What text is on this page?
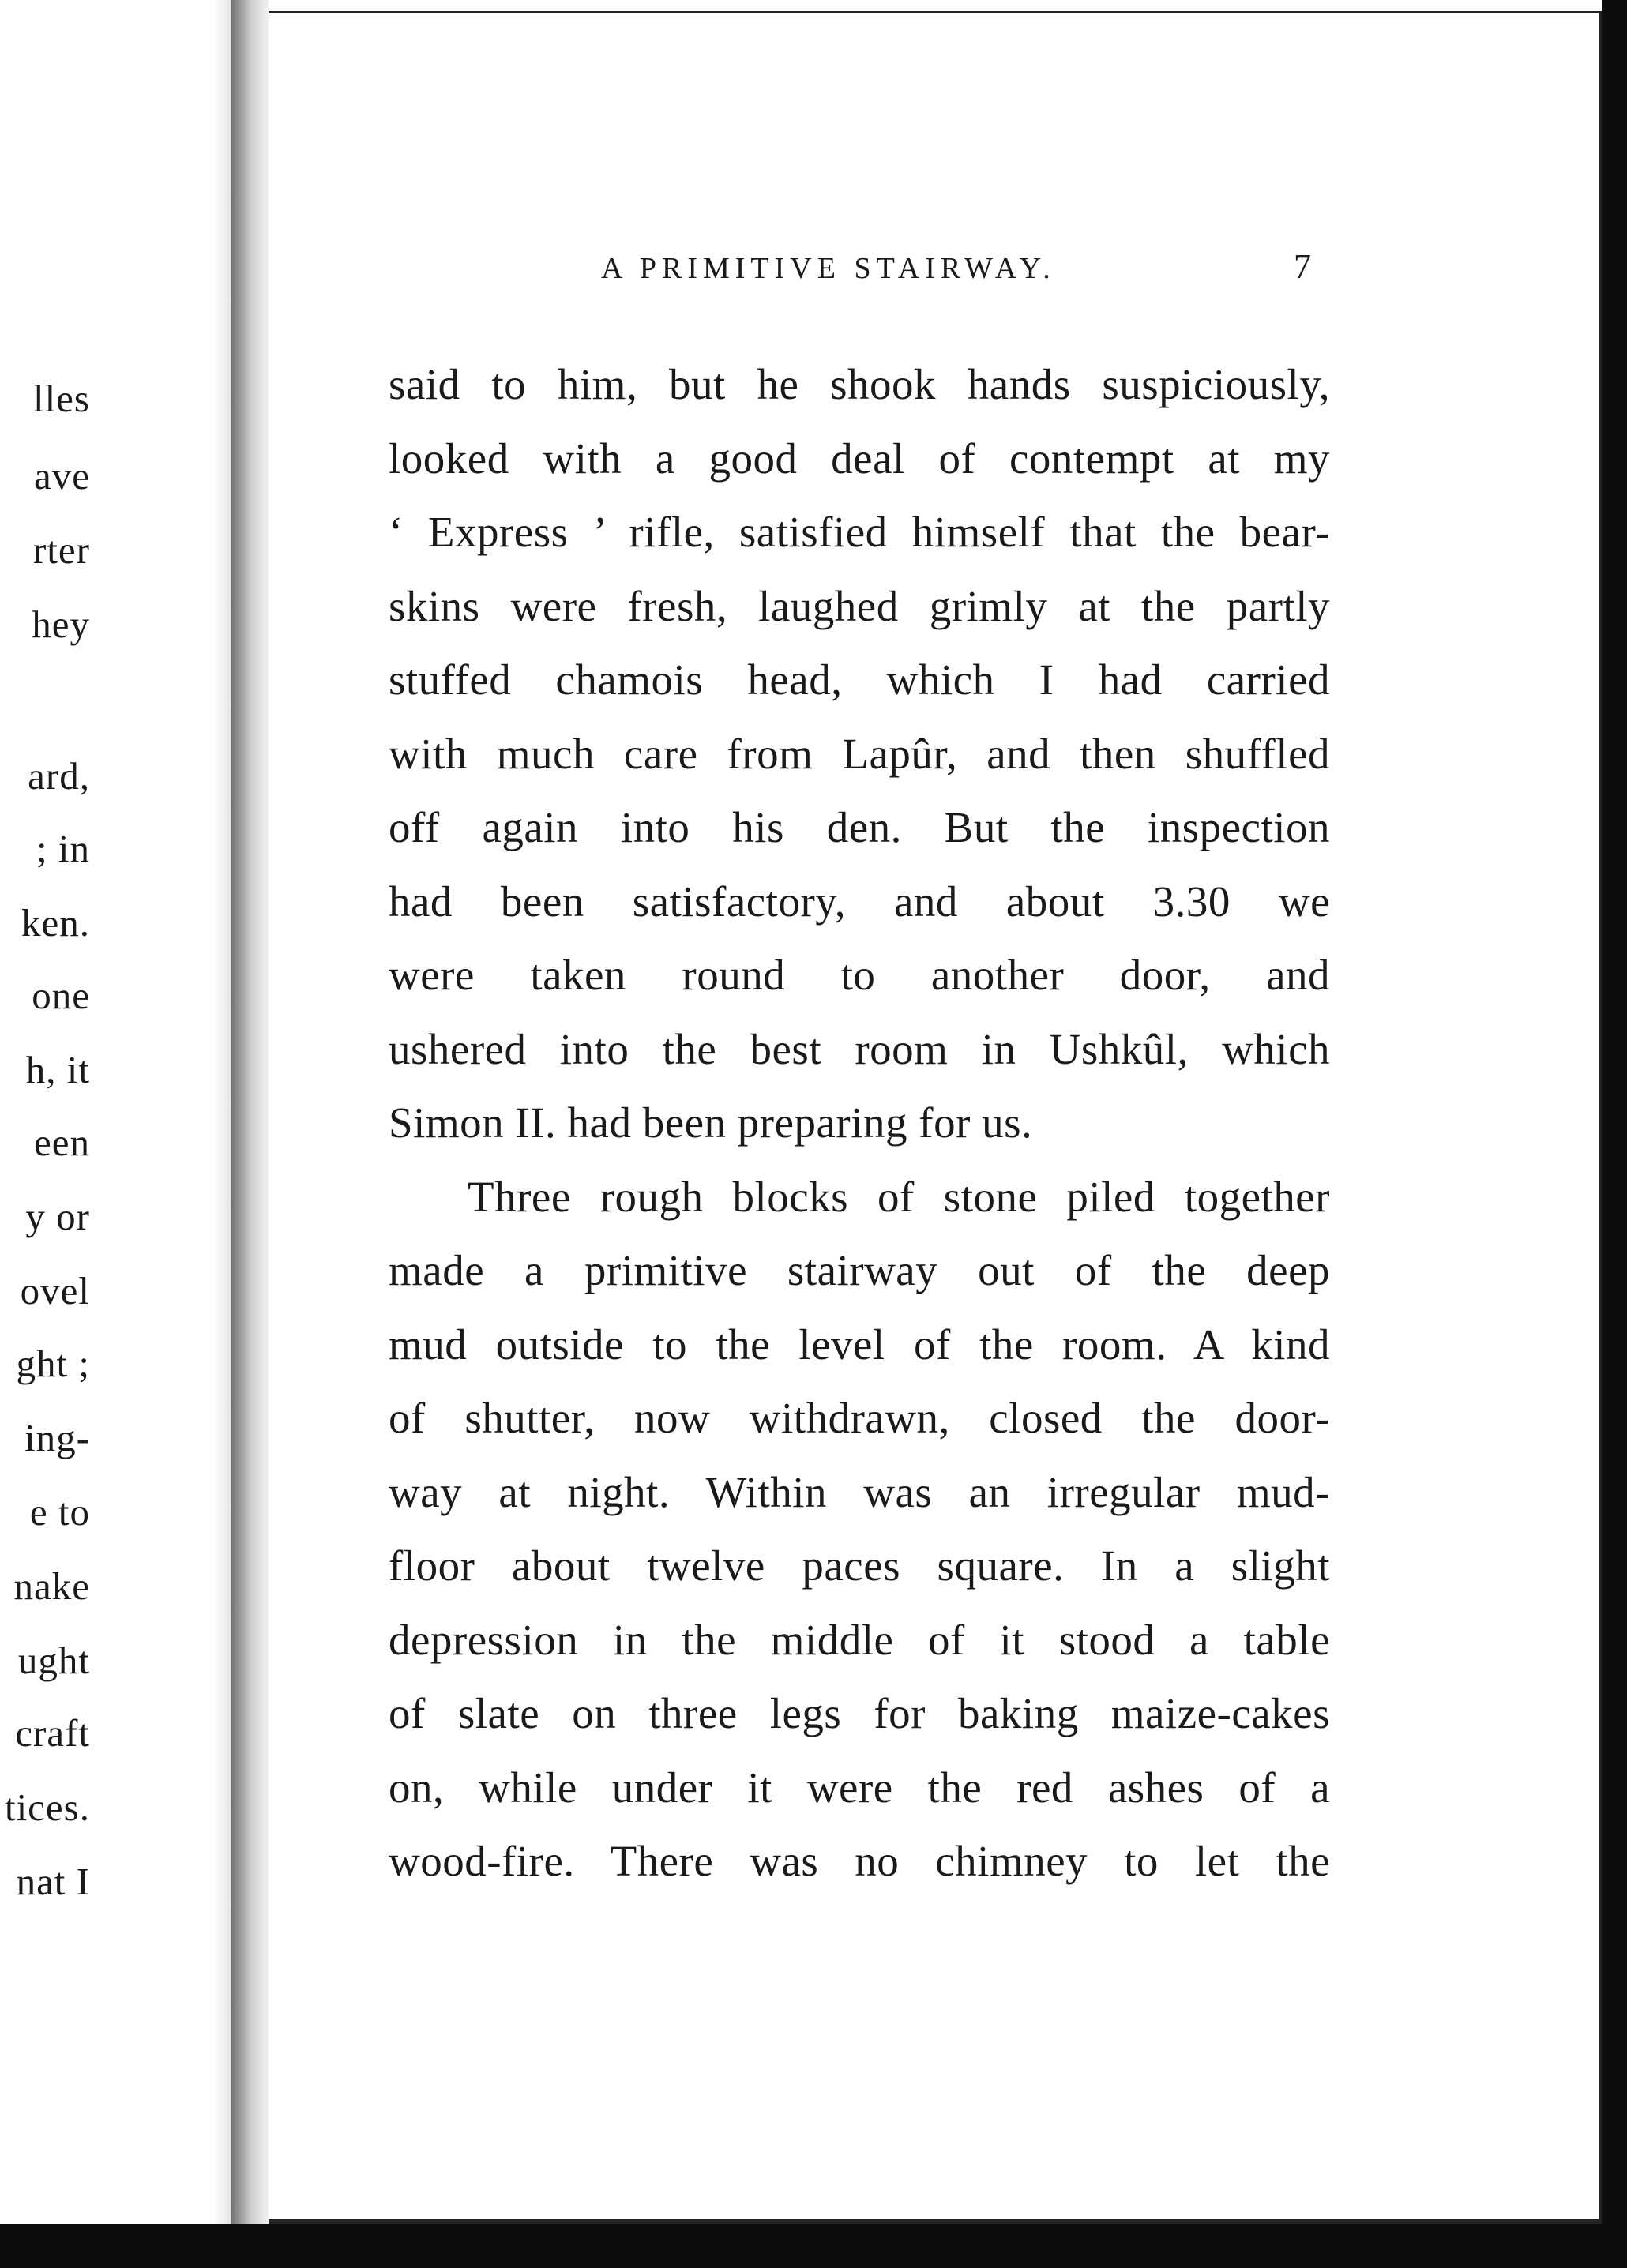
lles
ave
rter
hey
ard,
; in
ken.
one
h, it
een
y or
ovel
ght ;
ing-
e to
nake
ught
craft
tices.
nat I
A PRIMITIVE STAIRWAY.	7
said to him, but he shook hands suspiciously,
looked with a good deal of contempt at my
‘ Express ’ rifle, satisfied himself that the bear-
skins were fresh, laughed grimly at the partly
stuffed chamois head, which I had carried
with much care from Lapûr, and then shuffled
off again into his den. But the inspection
had been satisfactory, and about 3.30 we
were taken round to another door, and
ushered into the best room in Ushkûl, which
Simon II. had been preparing for us.
Three rough blocks of stone piled together
made a primitive stairway out of the deep
mud outside to the level of the room. A kind
of shutter, now withdrawn, closed the door-
way at night. Within was an irregular mud-
floor about twelve paces square. In a slight
depression in the middle of it stood a table
of slate on three legs for baking maize-cakes
on, while under it were the red ashes of a
wood-fire. There was no chimney to let the
